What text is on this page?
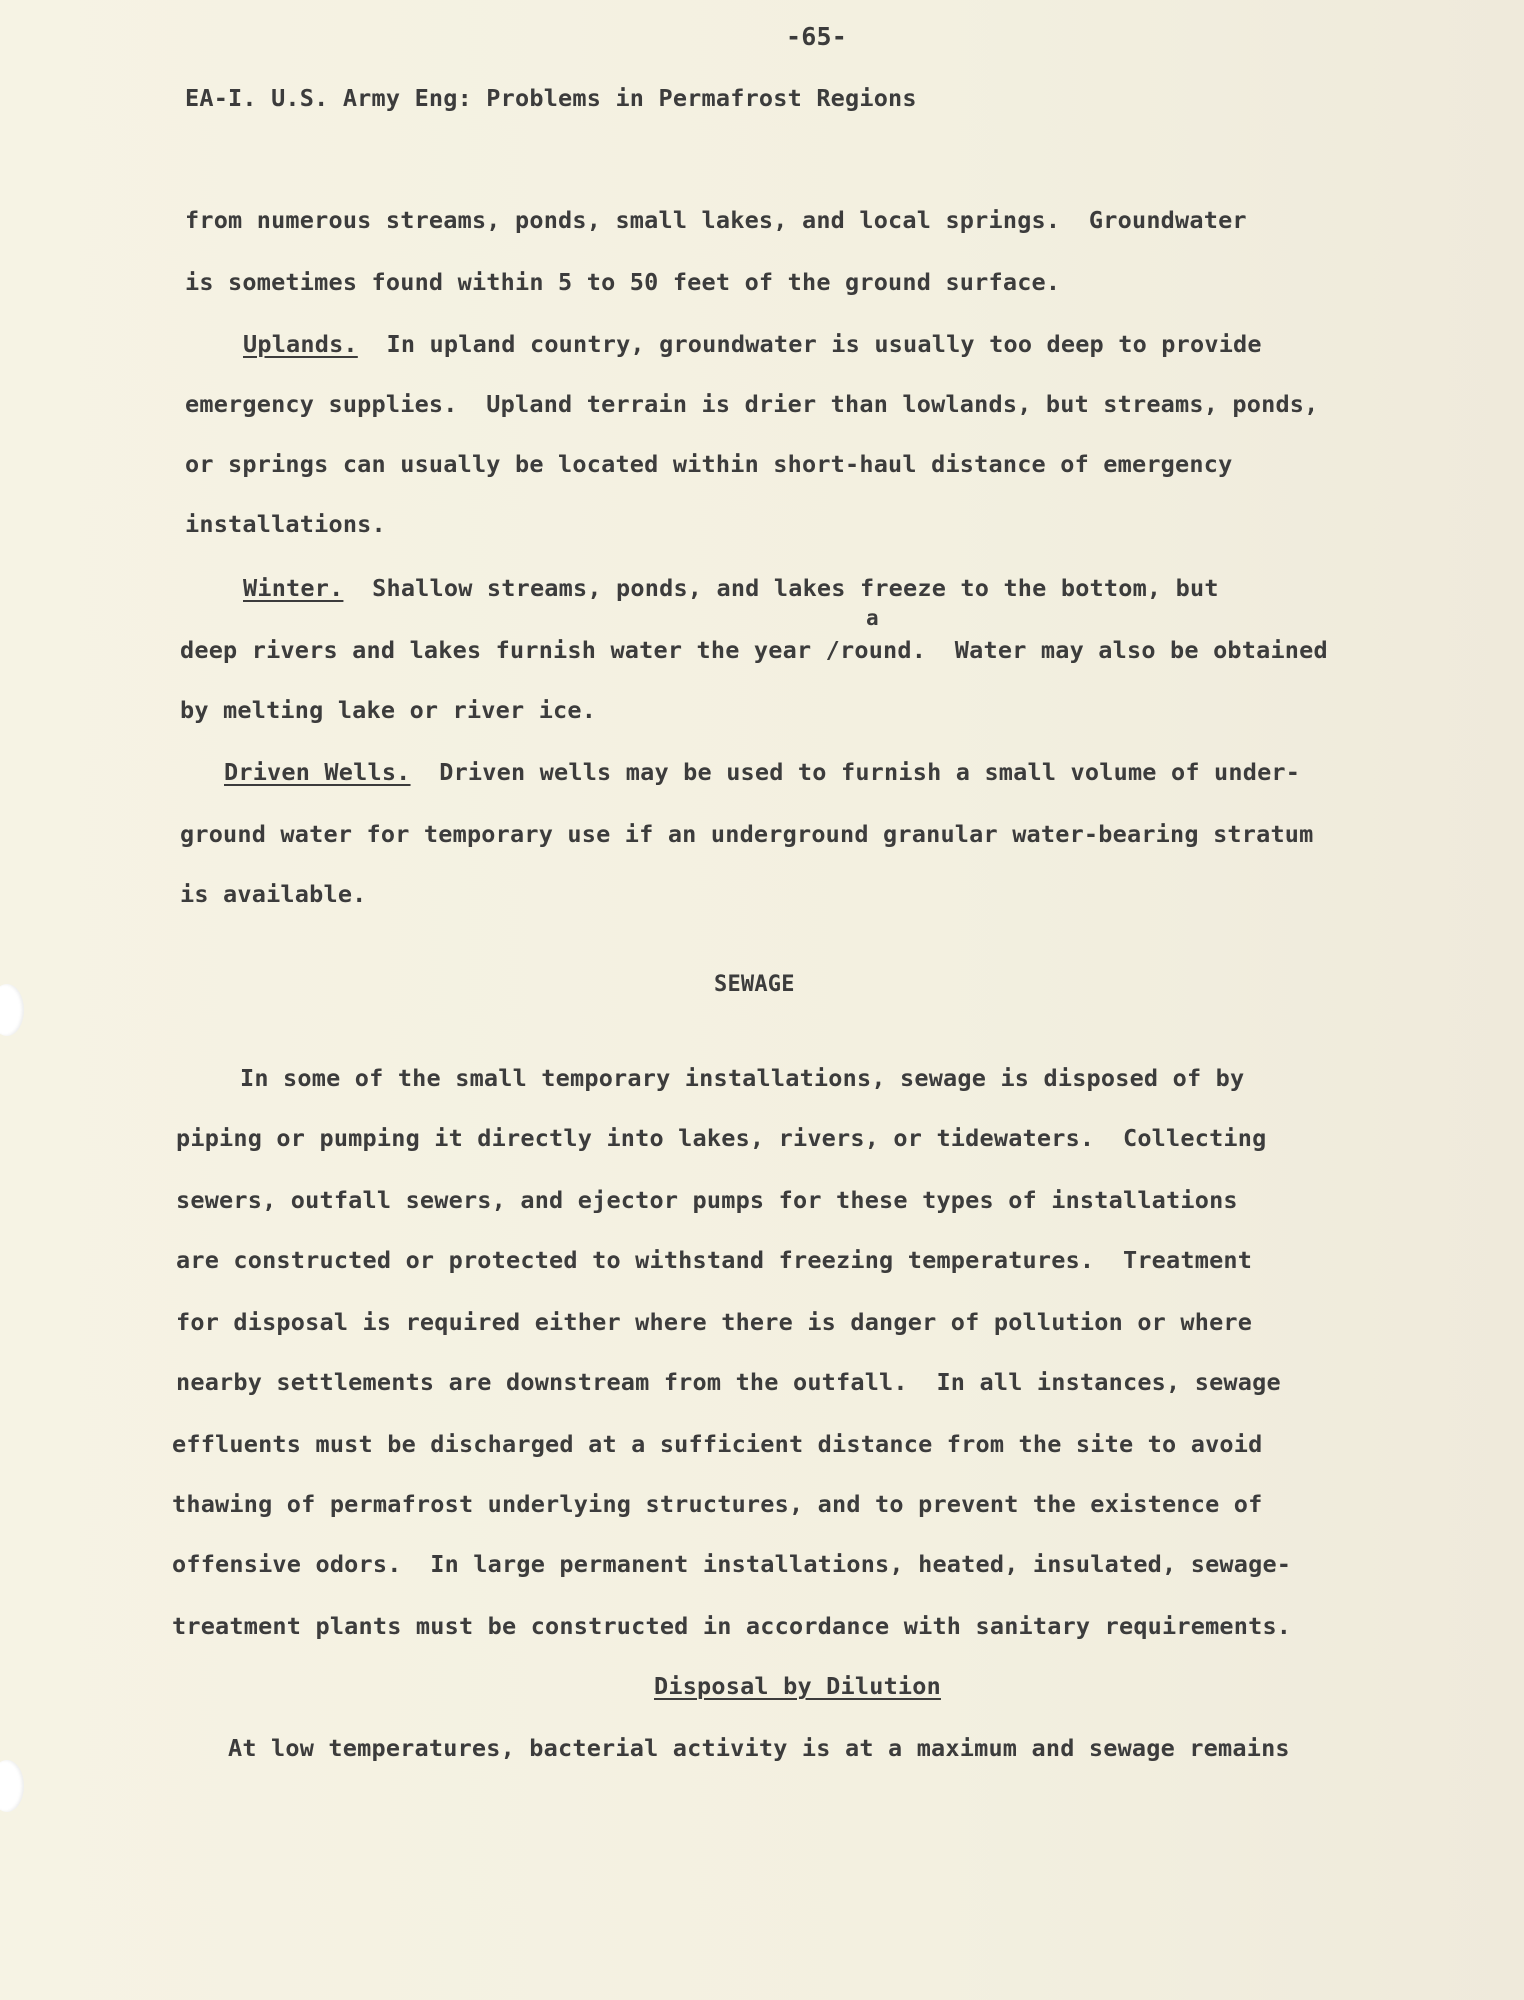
-65-
EA-I. U.S. Army Eng: Problems in Permafrost Regions
from numerous streams, ponds, small lakes, and local springs.  Groundwater
is sometimes found within 5 to 50 feet of the ground surface.
Uplands.  In upland country, groundwater is usually too deep to provide
emergency supplies.  Upland terrain is drier than lowlands, but streams, ponds,
or springs can usually be located within short-haul distance of emergency
installations.
Winter.  Shallow streams, ponds, and lakes freeze to the bottom, but
a
deep rivers and lakes furnish water the year /round.  Water may also be obtained
by melting lake or river ice.
Driven Wells.  Driven wells may be used to furnish a small volume of under-
ground water for temporary use if an underground granular water-bearing stratum
is available.
SEWAGE
In some of the small temporary installations, sewage is disposed of by
piping or pumping it directly into lakes, rivers, or tidewaters.  Collecting
sewers, outfall sewers, and ejector pumps for these types of installations
are constructed or protected to withstand freezing temperatures.  Treatment
for disposal is required either where there is danger of pollution or where
nearby settlements are downstream from the outfall.  In all instances, sewage
effluents must be discharged at a sufficient distance from the site to avoid
thawing of permafrost underlying structures, and to prevent the existence of
offensive odors.  In large permanent installations, heated, insulated, sewage-
treatment plants must be constructed in accordance with sanitary requirements.
Disposal by Dilution
At low temperatures, bacterial activity is at a maximum and sewage remains
